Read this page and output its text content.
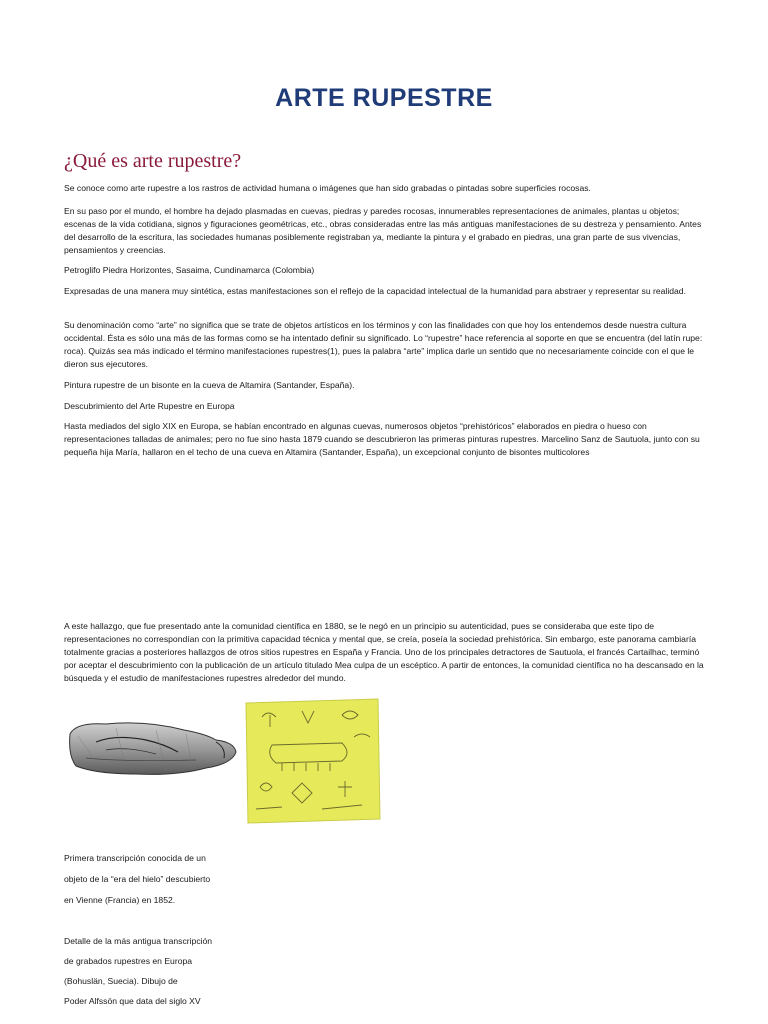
ARTE RUPESTRE
¿Qué es arte rupestre?

Se conoce como arte rupestre a los rastros de actividad humana o imágenes que han sido grabadas o pintadas sobre superficies rocosas.

En su paso por el mundo, el hombre ha dejado plasmadas en cuevas, piedras y paredes rocosas, innumerables representaciones de animales, plantas u objetos; escenas de la vida cotidiana, signos y figuraciones geométricas, etc., obras consideradas entre las más antiguas manifestaciones de su destreza y pensamiento. Antes del desarrollo de la escritura, las sociedades humanas posiblemente registraban ya, mediante la pintura y el grabado en piedras, una gran parte de sus vivencias, pensamientos y creencias.

Petroglifo Piedra Horizontes, Sasaima, Cundinamarca (Colombia)

Expresadas de una manera muy sintética, estas manifestaciones son el reflejo de la capacidad intelectual de la humanidad para abstraer y representar su realidad.

Su denominación como “arte” no significa que se trate de objetos artísticos en los términos y con las finalidades con que hoy los entendemos desde nuestra cultura occidental. Ésta es sólo una más de las formas como se ha intentado definir su significado. Lo “rupestre” hace referencia al soporte en que se encuentra (del latín rupe: roca). Quizás sea más indicado el término manifestaciones rupestres(1), pues la palabra “arte” implica darle un sentido que no necesariamente coincide con el que le dieron sus ejecutores.

Pintura rupestre de un bisonte en la cueva de Altamira (Santander, España).

Descubrimiento del Arte Rupestre en Europa

Hasta mediados del siglo XIX en Europa, se habían encontrado en algunas cuevas, numerosos objetos “prehistóricos” elaborados en piedra o hueso con representaciones talladas de animales; pero no fue sino hasta 1879 cuando se descubrieron las primeras pinturas rupestres. Marcelino Sanz de Sautuola, junto con su pequeña hija María, hallaron en el techo de una cueva en Altamira (Santander, España), un excepcional conjunto de bisontes multicolores

A este hallazgo, que fue presentado ante la comunidad científica en 1880, se le negó en un principio su autenticidad, pues se consideraba que este tipo de representaciones no correspondían con la primitiva capacidad técnica y mental que, se creía, poseía la sociedad prehistórica. Sin embargo, este panorama cambiaría totalmente gracias a posteriores hallazgos de otros sitios rupestres en España y Francia. Uno de los principales detractores de Sautuola, el francés Cartailhac, terminó por aceptar el descubrimiento con la publicación de un artículo titulado Mea culpa de un escéptico. A partir de entonces, la comunidad científica no ha descansado en la búsqueda y el estudio de manifestaciones rupestres alrededor del mundo.

Primera transcripción conocida de un

objeto de la “era del hielo” descubierto

en Vienne (Francia) en 1852.

Detalle de la más antigua transcripción

de grabados rupestres en Europa

(Bohuslän, Suecia). Dibujo de

Poder Alfssön que data del siglo XV
